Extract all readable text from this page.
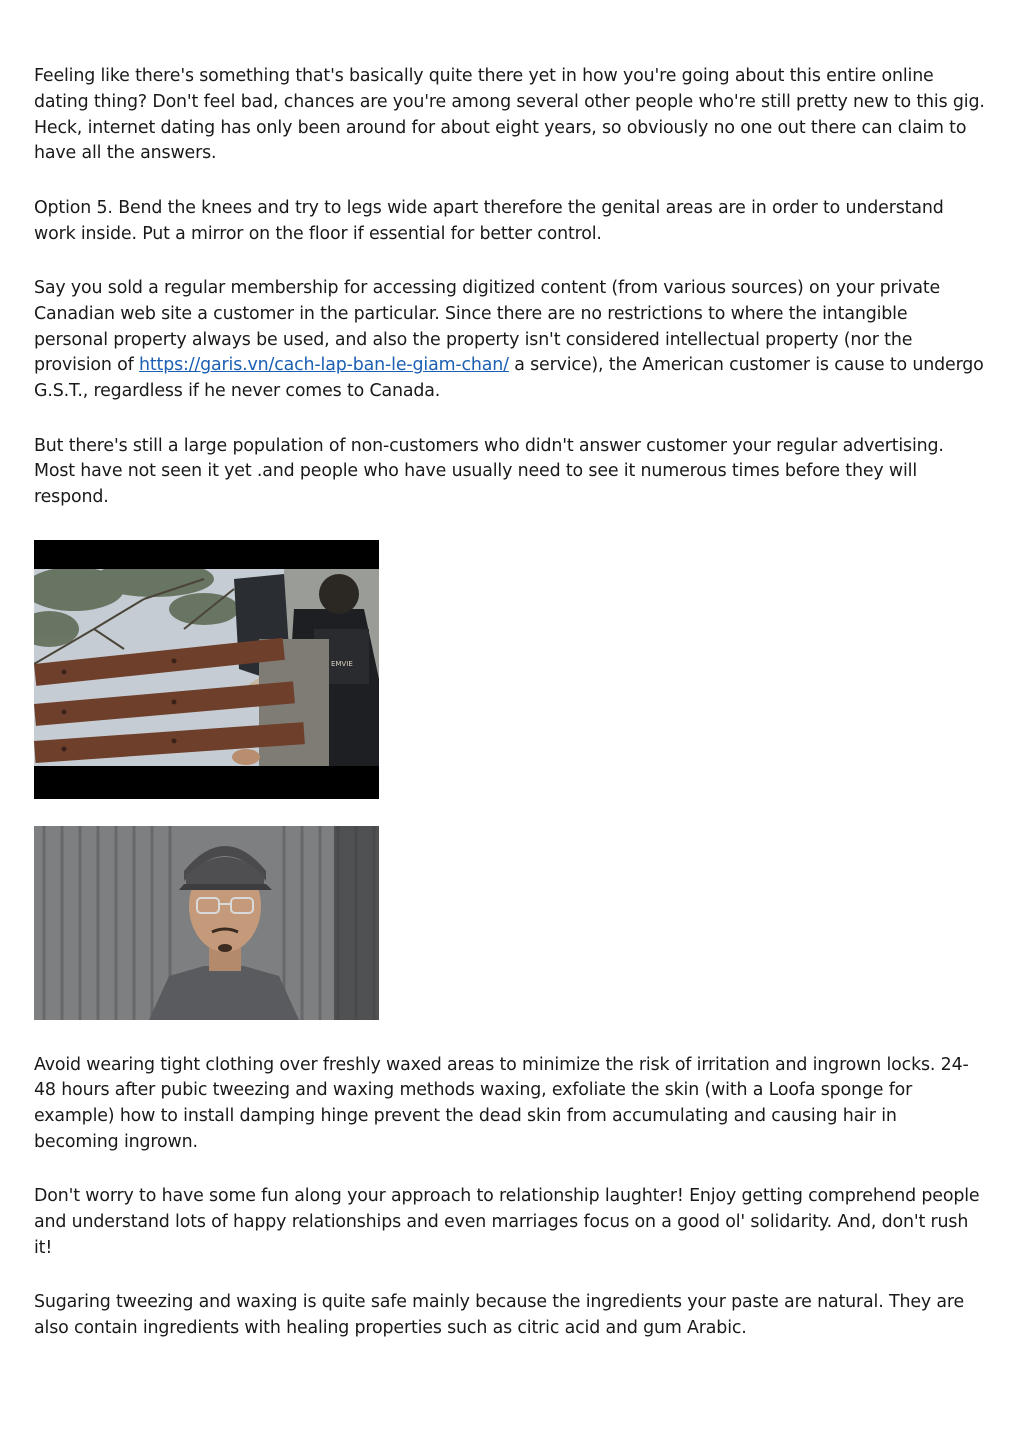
Feeling like there's something that's basically quite there yet in how you're going about this entire online dating thing? Don't feel bad, chances are you're among several other people who're still pretty new to this gig. Heck, internet dating has only been around for about eight years, so obviously no one out there can claim to have all the answers.

Option 5. Bend the knees and try to legs wide apart therefore the genital areas are in order to understand work inside. Put a mirror on the floor if essential for better control.

Say you sold a regular membership for accessing digitized content (from various sources) on your private Canadian web site a customer in the particular. Since there are no restrictions to where the intangible personal property always be used, and also the property isn't considered intellectual property (nor the provision of https://garis.vn/cach-lap-ban-le-giam-chan/ a service), the American customer is cause to undergo G.S.T., regardless if he never comes to Canada.

But there's still a large population of non-customers who didn't answer customer your regular advertising. Most have not seen it yet .and people who have usually need to see it numerous times before they will respond.

EMVIE

Avoid wearing tight clothing over freshly waxed areas to minimize the risk of irritation and ingrown locks. 24-48 hours after pubic tweezing and waxing methods waxing, exfoliate the skin (with a Loofa sponge for example) how to install damping hinge prevent the dead skin from accumulating and causing hair in becoming ingrown.

Don't worry to have some fun along your approach to relationship laughter! Enjoy getting comprehend people and understand lots of happy relationships and even marriages focus on a good ol' solidarity. And, don't rush it!

Sugaring tweezing and waxing is quite safe mainly because the ingredients your paste are natural. They are also contain ingredients with healing properties such as citric acid and gum Arabic.
